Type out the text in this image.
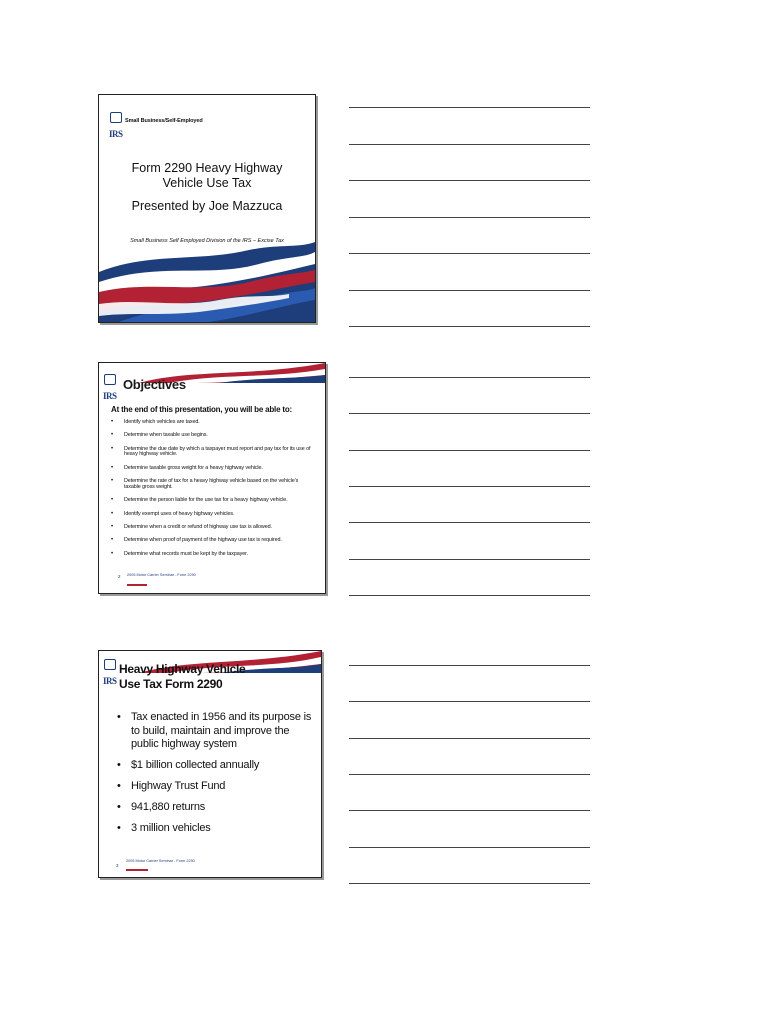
IRS
Small Business/Self-Employed
Form 2290 Heavy Highway
Vehicle Use Tax
Presented by Joe Mazzuca
Small Business Self Employed Division of the IRS – Excise Tax
IRS
Objectives
At the end of this presentation, you will be able to:
• Identify which vehicles are taxed.
• Determine when taxable use begins.
• Determine the due date by which a taxpayer must report and pay tax for its use of heavy highway vehicle.
• Determine taxable gross weight for a heavy highway vehicle.
• Determine the rate of tax for a heavy highway vehicle based on the vehicle’s taxable gross weight.
• Determine the person liable for the use tax for a heavy highway vehicle.
• Identify exempt uses of heavy highway vehicles.
• Determine when a credit or refund of highway use tax is allowed.
• Determine when proof of payment of the highway use tax is required.
• Determine what records must be kept by the taxpayer.
2 2005 Motor Carrier Seminar - Form 2290
IRS
Heavy Highway Vehicle
Use Tax Form 2290
• Tax enacted in 1956 and its purpose is to build, maintain and improve the public highway system
• $1 billion collected annually
• Highway Trust Fund
• 941,880 returns
• 3 million vehicles
3
2005 Motor Carrier Seminar - Form 2290
